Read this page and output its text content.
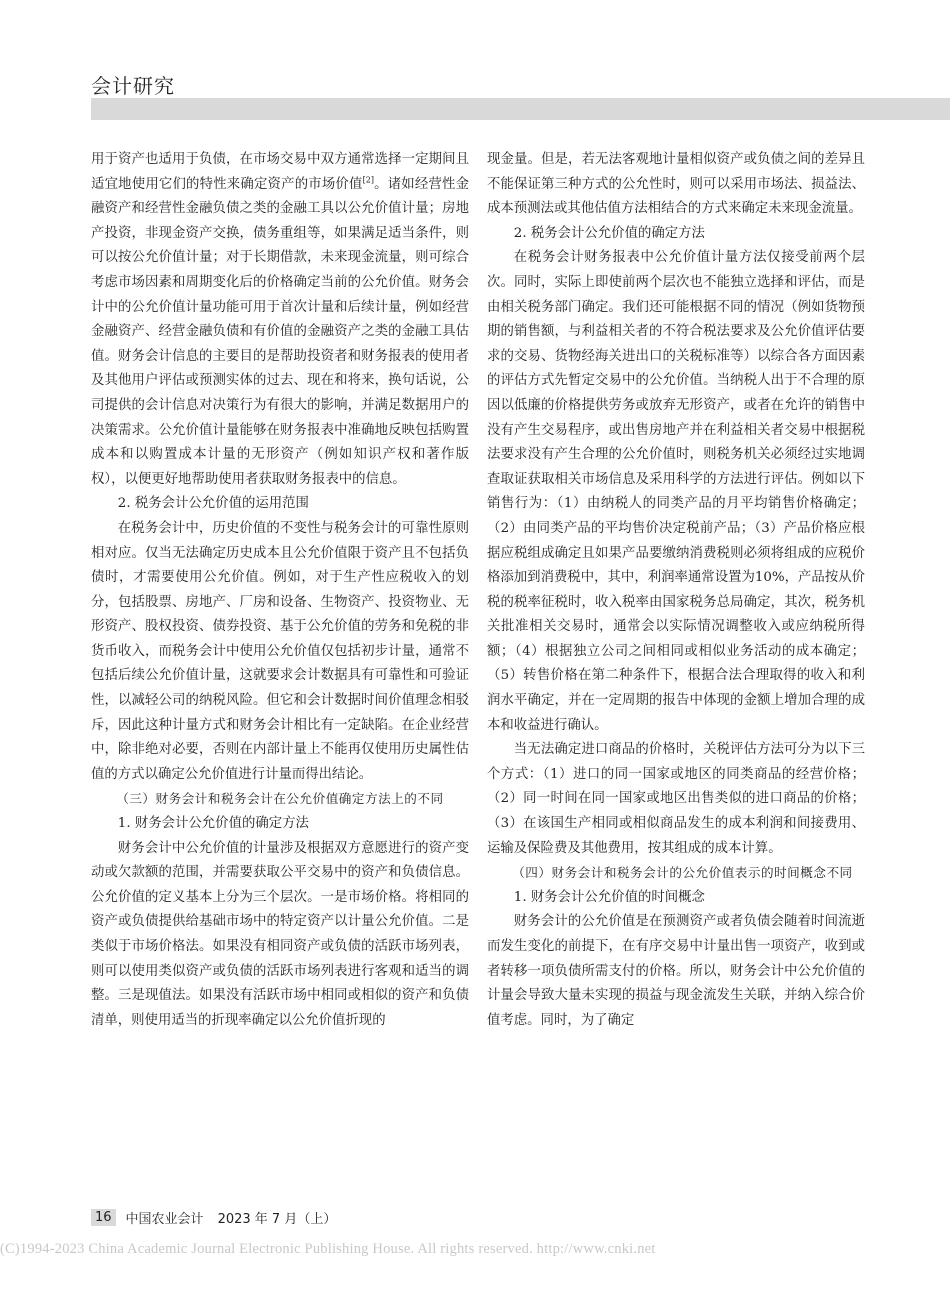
会计研究

用于资产也适用于负债，在市场交易中双方通常选择一定期间且适宜地使用它们的特性来确定资产的市场价值[2]。诸如经营性金融资产和经营性金融负债之类的金融工具以公允价值计量；房地产投资，非现金资产交换，债务重组等，如果满足适当条件，则可以按公允价值计量；对于长期借款，未来现金流量，则可综合考虑市场因素和周期变化后的价格确定当前的公允价值。财务会计中的公允价值计量功能可用于首次计量和后续计量，例如经营金融资产、经营金融负债和有价值的金融资产之类的金融工具估值。财务会计信息的主要目的是帮助投资者和财务报表的使用者及其他用户评估或预测实体的过去、现在和将来，换句话说，公司提供的会计信息对决策行为有很大的影响，并满足数据用户的决策需求。公允价值计量能够在财务报表中准确地反映包括购置成本和以购置成本计量的无形资产（例如知识产权和著作版权），以便更好地帮助使用者获取财务报表中的信息。

2. 税务会计公允价值的运用范围

在税务会计中，历史价值的不变性与税务会计的可靠性原则相对应。仅当无法确定历史成本且公允价值限于资产且不包括负债时，才需要使用公允价值。例如，对于生产性应税收入的划分，包括股票、房地产、厂房和设备、生物资产、投资物业、无形资产、股权投资、债券投资、基于公允价值的劳务和免税的非货币收入，而税务会计中使用公允价值仅包括初步计量，通常不包括后续公允价值计量，这就要求会计数据具有可靠性和可验证性，以减轻公司的纳税风险。但它和会计数据时间价值理念相驳斥，因此这种计量方式和财务会计相比有一定缺陷。在企业经营中，除非绝对必要，否则在内部计量上不能再仅使用历史属性估值的方式以确定公允价值进行计量而得出结论。

（三）财务会计和税务会计在公允价值确定方法上的不同

1. 财务会计公允价值的确定方法

财务会计中公允价值的计量涉及根据双方意愿进行的资产变动或欠款额的范围，并需要获取公平交易中的资产和负债信息。公允价值的定义基本上分为三个层次。一是市场价格。将相同的资产或负债提供给基础市场中的特定资产以计量公允价值。二是类似于市场价格法。如果没有相同资产或负债的活跃市场列表，则可以使用类似资产或负债的活跃市场列表进行客观和适当的调整。三是现值法。如果没有活跃市场中相同或相似的资产和负债清单，则使用适当的折现率确定以公允价值折现的

现金量。但是，若无法客观地计量相似资产或负债之间的差异且不能保证第三种方式的公允性时，则可以采用市场法、损益法、成本预测法或其他估值方法相结合的方式来确定未来现金流量。

2. 税务会计公允价值的确定方法

在税务会计财务报表中公允价值计量方法仅接受前两个层次。同时，实际上即使前两个层次也不能独立选择和评估，而是由相关税务部门确定。我们还可能根据不同的情况（例如货物预期的销售额，与利益相关者的不符合税法要求及公允价值评估要求的交易、货物经海关进出口的关税标准等）以综合各方面因素的评估方式先暂定交易中的公允价值。当纳税人出于不合理的原因以低廉的价格提供劳务或放弃无形资产，或者在允许的销售中没有产生交易程序，或出售房地产并在利益相关者交易中根据税法要求没有产生合理的公允价值时，则税务机关必须经过实地调查取证获取相关市场信息及采用科学的方法进行评估。例如以下销售行为：（1）由纳税人的同类产品的月平均销售价格确定；（2）由同类产品的平均售价决定税前产品；（3）产品价格应根据应税组成确定且如果产品要缴纳消费税则必须将组成的应税价格添加到消费税中，其中，利润率通常设置为10%，产品按从价税的税率征税时，收入税率由国家税务总局确定，其次，税务机关批准相关交易时，通常会以实际情况调整收入或应纳税所得额；（4）根据独立公司之间相同或相似业务活动的成本确定；（5）转售价格在第二种条件下，根据合法合理取得的收入和利润水平确定，并在一定周期的报告中体现的金额上增加合理的成本和收益进行确认。

当无法确定进口商品的价格时，关税评估方法可分为以下三个方式：（1）进口的同一国家或地区的同类商品的经营价格；（2）同一时间在同一国家或地区出售类似的进口商品的价格；（3）在该国生产相同或相似商品发生的成本利润和间接费用、运输及保险费及其他费用，按其组成的成本计算。

（四）财务会计和税务会计的公允价值表示的时间概念不同

1. 财务会计公允价值的时间概念

财务会计的公允价值是在预测资产或者负债会随着时间流逝而发生变化的前提下，在有序交易中计量出售一项资产，收到或者转移一项负债所需支付的价格。所以，财务会计中公允价值的计量会导致大量未实现的损益与现金流发生关联，并纳入综合价值考虑。同时，为了确定

16	中国农业会计 2023 年 7 月（上）
(C)1994-2023 China Academic Journal Electronic Publishing House. All rights reserved. http://www.cnki.net
